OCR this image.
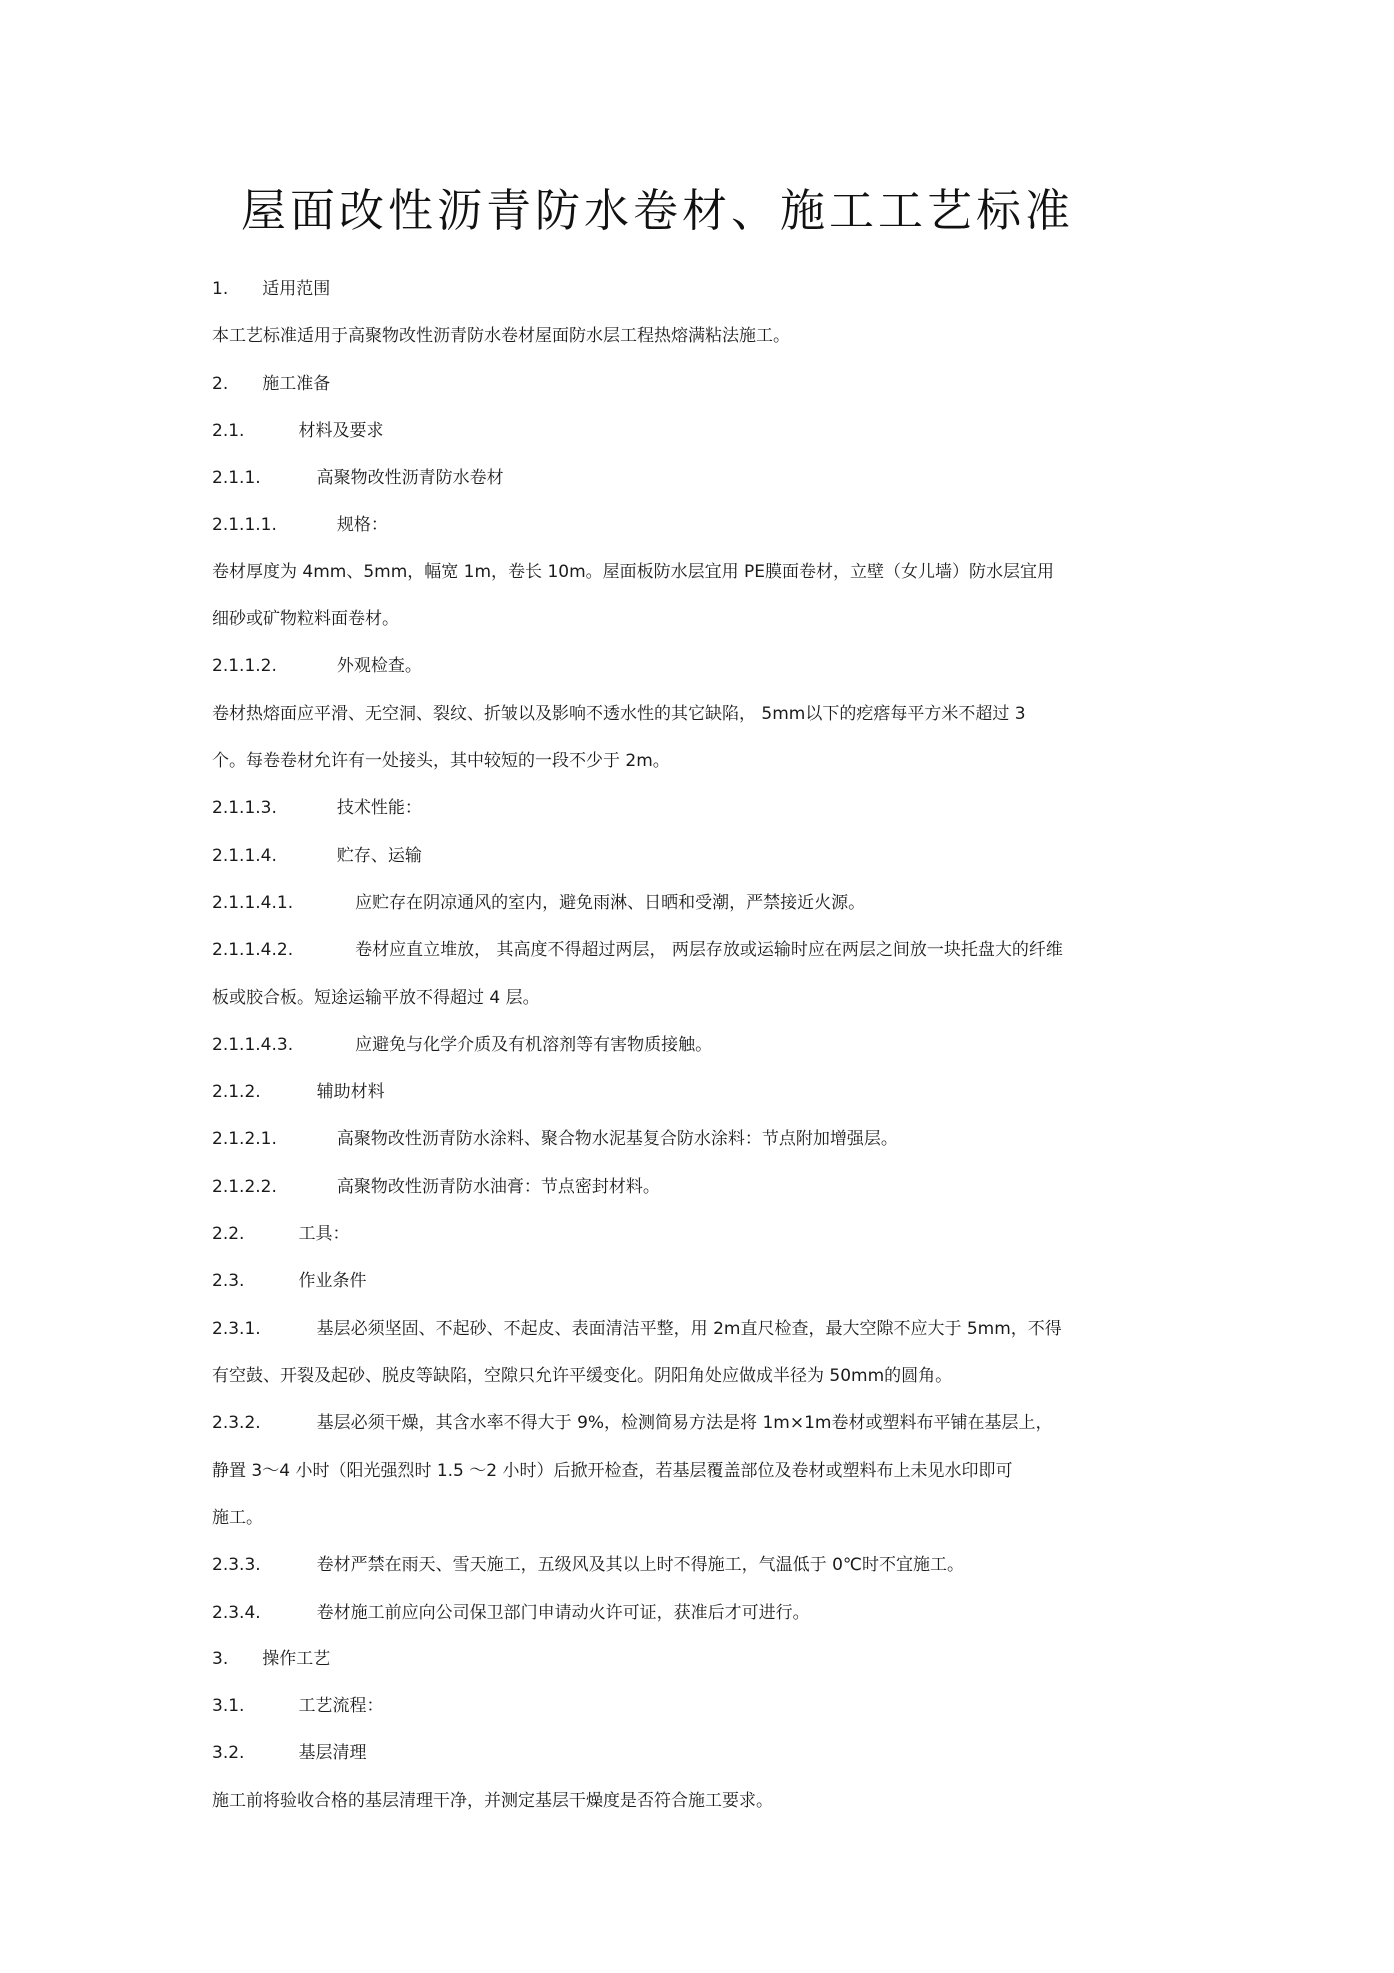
屋面改性沥青防水卷材、施工工艺标准
1. 适用范围
本工艺标准适用于高聚物改性沥青防水卷材屋面防水层工程热熔满粘法施工。
2. 施工准备
2.1.	材料及要求
2.1.1.	高聚物改性沥青防水卷材
2.1.1.1.	规格：
卷材厚度为 4mm、5mm，幅宽 1m，卷长 10m。屋面板防水层宜用 PE膜面卷材，立壁（女儿墙）防水层宜用
细砂或矿物粒料面卷材。
2.1.1.2.	外观检查。
卷材热熔面应平滑、无空洞、裂纹、折皱以及影响不透水性的其它缺陷， 5mm以下的疙瘩每平方米不超过 3
个。每卷卷材允许有一处接头，其中较短的一段不少于 2m。
2.1.1.3.	技术性能：
2.1.1.4.	贮存、运输
2.1.1.4.1.	应贮存在阴凉通风的室内，避免雨淋、日晒和受潮，严禁接近火源。
2.1.1.4.2.	卷材应直立堆放， 其高度不得超过两层， 两层存放或运输时应在两层之间放一块托盘大的纤维
板或胶合板。短途运输平放不得超过 4 层。
2.1.1.4.3.	应避免与化学介质及有机溶剂等有害物质接触。
2.1.2.	辅助材料
2.1.2.1.	高聚物改性沥青防水涂料、聚合物水泥基复合防水涂料：节点附加增强层。
2.1.2.2.	高聚物改性沥青防水油膏：节点密封材料。
2.2.	工具：
2.3.	作业条件
2.3.1.	基层必须坚固、不起砂、不起皮、表面清洁平整，用 2m直尺检查，最大空隙不应大于 5mm，不得
有空鼓、开裂及起砂、脱皮等缺陷，空隙只允许平缓变化。阴阳角处应做成半径为 50mm的圆角。
2.3.2.	基层必须干燥，其含水率不得大于 9%，检测简易方法是将 1m×1m卷材或塑料布平铺在基层上，
静置 3～4 小时（阳光强烈时 1.5 ～2 小时）后掀开检查，若基层覆盖部位及卷材或塑料布上未见水印即可
施工。
2.3.3.	卷材严禁在雨天、雪天施工，五级风及其以上时不得施工，气温低于 0℃时不宜施工。
2.3.4.	卷材施工前应向公司保卫部门申请动火许可证，获准后才可进行。
3. 操作工艺
3.1.	工艺流程：
3.2.	基层清理
施工前将验收合格的基层清理干净，并测定基层干燥度是否符合施工要求。
